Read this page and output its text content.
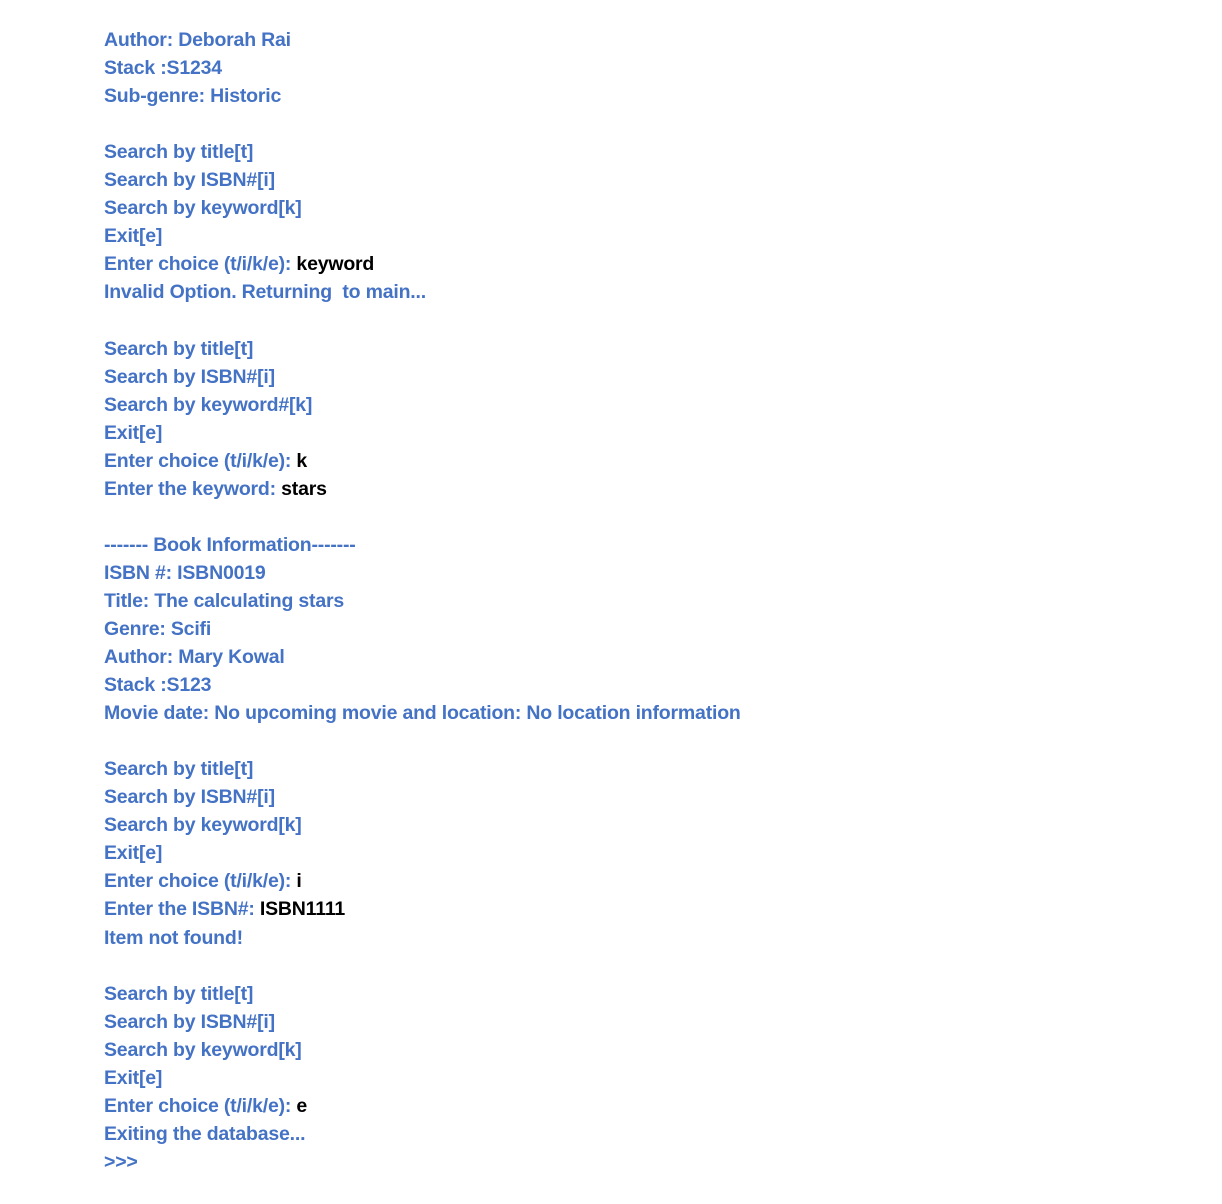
Author: Deborah Rai
Stack :S1234
Sub-genre: Historic
Search by title[t]
Search by ISBN#[i]
Search by keyword[k]
Exit[e]
Enter choice (t/i/k/e): keyword
Invalid Option. Returning  to main...
Search by title[t]
Search by ISBN#[i]
Search by keyword#[k]
Exit[e]
Enter choice (t/i/k/e): k
Enter the keyword: stars
------- Book Information-------
ISBN #: ISBN0019
Title: The calculating stars
Genre: Scifi
Author: Mary Kowal
Stack :S123
Movie date: No upcoming movie and location: No location information
Search by title[t]
Search by ISBN#[i]
Search by keyword[k]
Exit[e]
Enter choice (t/i/k/e): i
Enter the ISBN#: ISBN1111
Item not found!
Search by title[t]
Search by ISBN#[i]
Search by keyword[k]
Exit[e]
Enter choice (t/i/k/e): e
Exiting the database...
>>>
